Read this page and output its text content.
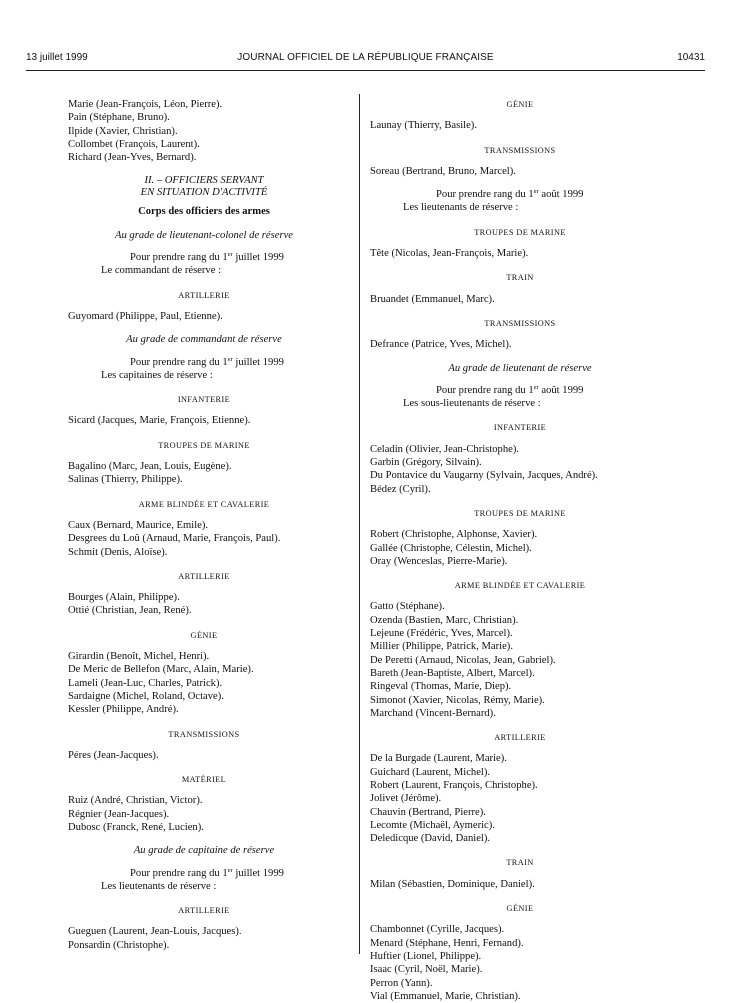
13 juillet 1999	JOURNAL OFFICIEL DE LA RÉPUBLIQUE FRANÇAISE	10431
Marie (Jean-François, Léon, Pierre).
Pain (Stéphane, Bruno).
Ilpide (Xavier, Christian).
Collombet (François, Laurent).
Richard (Jean-Yves, Bernard).
II. – OFFICIERS SERVANT
EN SITUATION D'ACTIVITÉ
Corps des officiers des armes
Au grade de lieutenant-colonel de réserve
Pour prendre rang du 1er juillet 1999
Le commandant de réserve :
ARTILLERIE
Guyomard (Philippe, Paul, Etienne).
Au grade de commandant de réserve
Pour prendre rang du 1er juillet 1999
Les capitaines de réserve :
INFANTERIE
Sicard (Jacques, Marie, François, Etienne).
TROUPES DE MARINE
Bagalino (Marc, Jean, Louis, Eugène).
Salinas (Thierry, Philippe).
ARME BLINDÉE ET CAVALERIE
Caux (Bernard, Maurice, Emile).
Desgrees du Loû (Arnaud, Marie, François, Paul).
Schmit (Denis, Aloïse).
ARTILLERIE
Bourges (Alain, Philippe).
Ottié (Christian, Jean, René).
GÉNIE
Girardin (Benoît, Michel, Henri).
De Meric de Bellefon (Marc, Alain, Marie).
Lameli (Jean-Luc, Charles, Patrick).
Sardaigne (Michel, Roland, Octave).
Kessler (Philippe, André).
TRANSMISSIONS
Péres (Jean-Jacques).
MATÉRIEL
Ruiz (André, Christian, Victor).
Régnier (Jean-Jacques).
Dubosc (Franck, René, Lucien).
Au grade de capitaine de réserve
Pour prendre rang du 1er juillet 1999
Les lieutenants de réserve :
ARTILLERIE
Gueguen (Laurent, Jean-Louis, Jacques).
Ponsardin (Christophe).
GÉNIE
Launay (Thierry, Basile).
TRANSMISSIONS
Soreau (Bertrand, Bruno, Marcel).
Pour prendre rang du 1er août 1999
Les lieutenants de réserve :
TROUPES DE MARINE
Tête (Nicolas, Jean-François, Marie).
TRAIN
Bruandet (Emmanuel, Marc).
TRANSMISSIONS
Defrance (Patrice, Yves, Michel).
Au grade de lieutenant de réserve
Pour prendre rang du 1er août 1999
Les sous-lieutenants de réserve :
INFANTERIE
Celadin (Olivier, Jean-Christophe).
Garbin (Grégory, Silvain).
Du Pontavice du Vaugarny (Sylvain, Jacques, André).
Bédez (Cyril).
TROUPES DE MARINE
Robert (Christophe, Alphonse, Xavier).
Gallée (Christophe, Célestin, Michel).
Oray (Wenceslas, Pierre-Marie).
ARME BLINDÉE ET CAVALERIE
Gatto (Stéphane).
Ozenda (Bastien, Marc, Christian).
Lejeune (Frédéric, Yves, Marcel).
Millier (Philippe, Patrick, Marie).
De Peretti (Arnaud, Nicolas, Jean, Gabriel).
Bareth (Jean-Baptiste, Albert, Marcel).
Ringeval (Thomas, Marie, Diep).
Simonot (Xavier, Nicolas, Rémy, Marie).
Marchand (Vincent-Bernard).
ARTILLERIE
De la Burgade (Laurent, Marie).
Guichard (Laurent, Michel).
Robert (Laurent, François, Christophe).
Jolivet (Jérôme).
Chauvin (Bertrand, Pierre).
Lecomte (Michaël, Aymeric).
Deledicque (David, Daniel).
TRAIN
Milan (Sébastien, Dominique, Daniel).
GÉNIE
Chambonnet (Cyrille, Jacques).
Menard (Stéphane, Henri, Fernand).
Huftier (Lionel, Philippe).
Isaac (Cyril, Noël, Marie).
Perron (Yann).
Vial (Emmanuel, Marie, Christian).
